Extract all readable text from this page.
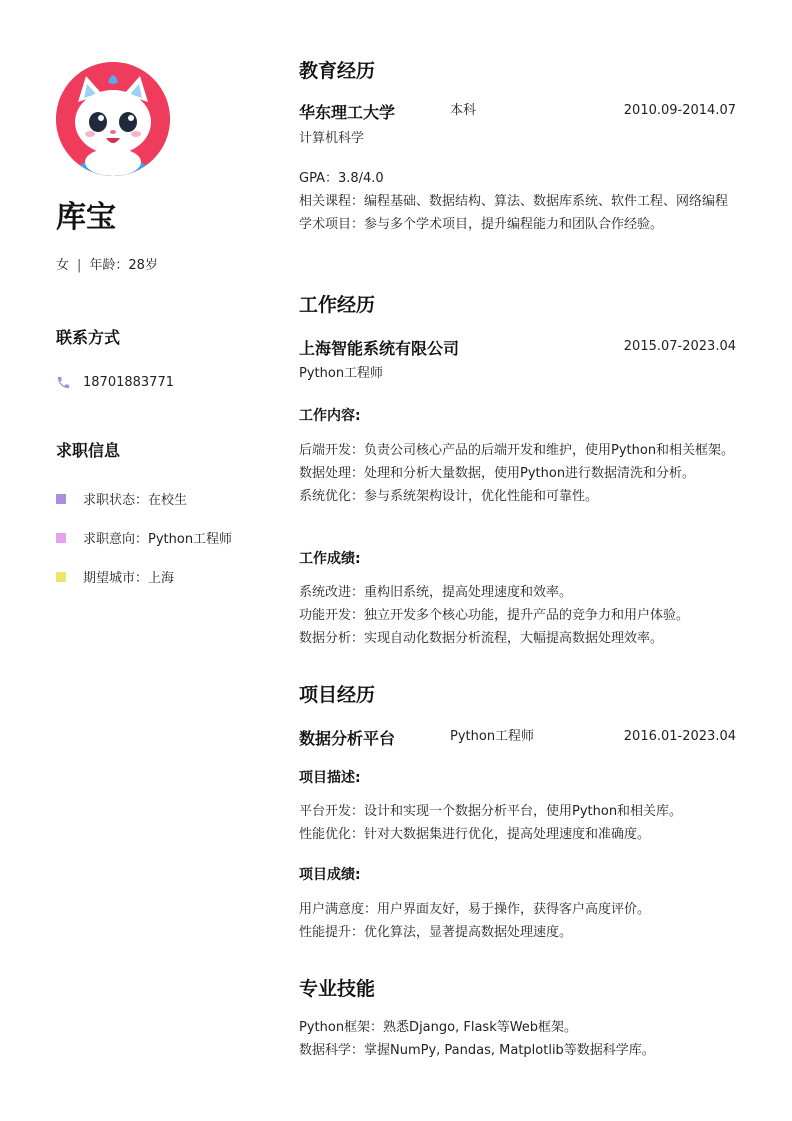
库宝
女 | 年龄：28岁
联系方式
18701883771
求职信息
求职状态：在校生
求职意向：Python工程师
期望城市：上海
教育经历
华东理工大学	本科	2010.09-2014.07
计算机科学
GPA：3.8/4.0
相关课程：编程基础、数据结构、算法、数据库系统、软件工程、网络编程
学术项目：参与多个学术项目，提升编程能力和团队合作经验。
工作经历
上海智能系统有限公司	2015.07-2023.04
Python工程师
工作内容:
后端开发：负责公司核心产品的后端开发和维护，使用Python和相关框架。
数据处理：处理和分析大量数据，使用Python进行数据清洗和分析。
系统优化：参与系统架构设计，优化性能和可靠性。
工作成绩:
系统改进：重构旧系统，提高处理速度和效率。
功能开发：独立开发多个核心功能，提升产品的竞争力和用户体验。
数据分析：实现自动化数据分析流程，大幅提高数据处理效率。
项目经历
数据分析平台	Python工程师	2016.01-2023.04
项目描述:
平台开发：设计和实现一个数据分析平台，使用Python和相关库。
性能优化：针对大数据集进行优化，提高处理速度和准确度。
项目成绩:
用户满意度：用户界面友好，易于操作，获得客户高度评价。
性能提升：优化算法，显著提高数据处理速度。
专业技能
Python框架：熟悉Django, Flask等Web框架。
数据科学：掌握NumPy, Pandas, Matplotlib等数据科学库。
